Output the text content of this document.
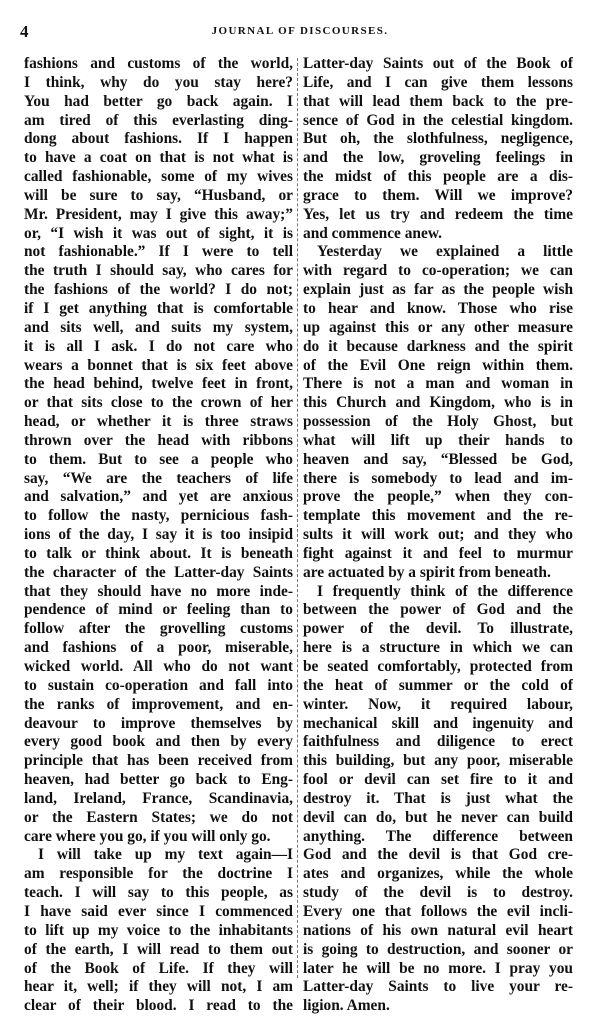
4	JOURNAL OF DISCOURSES.
fashions and customs of the world,
I think, why do you stay here?
You had better go back again. I
am tired of this everlasting ding-
dong about fashions. If I happen
to have a coat on that is not what is
called fashionable, some of my wives
will be sure to say, “Husband, or
Mr. President, may I give this away;”
or, “I wish it was out of sight, it is
not fashionable.” If I were to tell
the truth I should say, who cares for
the fashions of the world? I do not;
if I get anything that is comfortable
and sits well, and suits my system,
it is all I ask. I do not care who
wears a bonnet that is six feet above
the head behind, twelve feet in front,
or that sits close to the crown of her
head, or whether it is three straws
thrown over the head with ribbons
to them. But to see a people who
say, “We are the teachers of life
and salvation,” and yet are anxious
to follow the nasty, pernicious fash-
ions of the day, I say it is too insipid
to talk or think about. It is beneath
the character of the Latter-day Saints
that they should have no more inde-
pendence of mind or feeling than to
follow after the grovelling customs
and fashions of a poor, miserable,
wicked world. All who do not want
to sustain co-operation and fall into
the ranks of improvement, and en-
deavour to improve themselves by
every good book and then by every
principle that has been received from
heaven, had better go back to Eng-
land, Ireland, France, Scandinavia,
or the Eastern States; we do not
care where you go, if you will only go.
I will take up my text again—I
am responsible for the doctrine I
teach. I will say to this people, as
I have said ever since I commenced
to lift up my voice to the inhabitants
of the earth, I will read to them out
of the Book of Life. If they will
hear it, well; if they will not, I am
clear of their blood. I read to the
Latter-day Saints out of the Book of
Life, and I can give them lessons
that will lead them back to the pre-
sence of God in the celestial kingdom.
But oh, the slothfulness, negligence,
and the low, groveling feelings in
the midst of this people are a dis-
grace to them. Will we improve?
Yes, let us try and redeem the time
and commence anew.
Yesterday we explained a little
with regard to co-operation; we can
explain just as far as the people wish
to hear and know. Those who rise
up against this or any other measure
do it because darkness and the spirit
of the Evil One reign within them.
There is not a man and woman in
this Church and Kingdom, who is in
possession of the Holy Ghost, but
what will lift up their hands to
heaven and say, “Blessed be God,
there is somebody to lead and im-
prove the people,” when they con-
template this movement and the re-
sults it will work out; and they who
fight against it and feel to murmur
are actuated by a spirit from beneath.
I frequently think of the difference
between the power of God and the
power of the devil. To illustrate,
here is a structure in which we can
be seated comfortably, protected from
the heat of summer or the cold of
winter. Now, it required labour,
mechanical skill and ingenuity and
faithfulness and diligence to erect
this building, but any poor, miserable
fool or devil can set fire to it and
destroy it. That is just what the
devil can do, but he never can build
anything. The difference between
God and the devil is that God cre-
ates and organizes, while the whole
study of the devil is to destroy.
Every one that follows the evil incli-
nations of his own natural evil heart
is going to destruction, and sooner or
later he will be no more. I pray you
Latter-day Saints to live your re-
ligion. Amen.
